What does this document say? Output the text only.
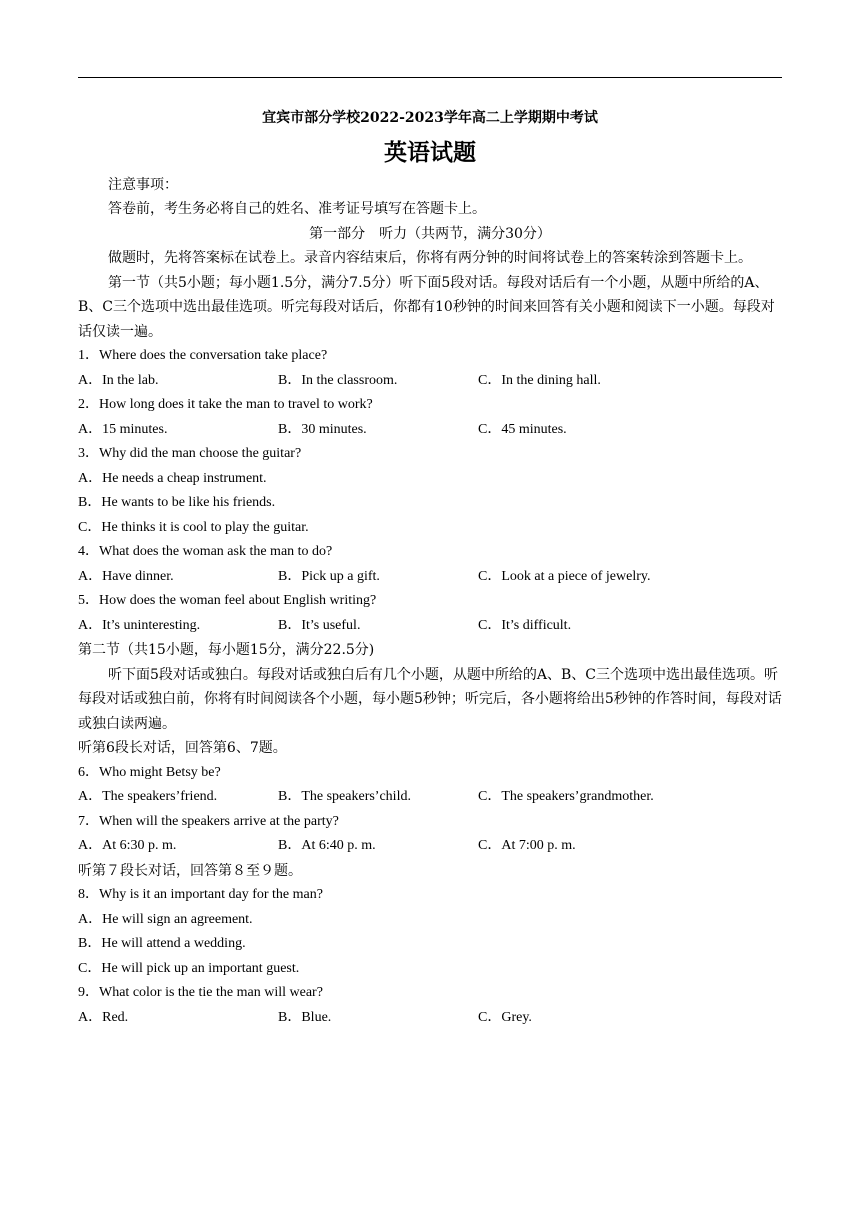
宜宾市部分学校2022-2023学年高二上学期期中考试

英语试题

注意事项：

答卷前，考生务必将自己的姓名、准考证号填写在答题卡上。

第一部分　听力（共两节，满分30分）

做题时，先将答案标在试卷上。录音内容结束后，你将有两分钟的时间将试卷上的答案转涂到答题卡上。

第一节（共5小题；每小题1.5分，满分7.5分）听下面5段对话。每段对话后有一个小题，从题中所给的A、B、C三个选项中选出最佳选项。听完每段对话后，你都有10秒钟的时间来回答有关小题和阅读下一小题。每段对话仅读一遍。

1．Where does the conversation take place?

A．In the lab.	B．In the classroom.	C．In the dining hall.

2．How long does it take the man to travel to work?

A．15 minutes.	B．30 minutes.	C．45 minutes.

3．Why did the man choose the guitar?

A．He needs a cheap instrument.

B．He wants to be like his friends.

C．He thinks it is cool to play the guitar.

4．What does the woman ask the man to do?

A．Have dinner.	B．Pick up a gift.	C．Look at a piece of jewelry.

5．How does the woman feel about English writing?

A．It’s uninteresting.	B．It’s useful.	C．It’s difficult.

第二节（共15小题，每小题15分，满分22.5分)

听下面5段对话或独白。每段对话或独白后有几个小题，从题中所给的A、B、C三个选项中选出最佳选项。听每段对话或独白前，你将有时间阅读各个小题，每小题5秒钟；听完后，各小题将给出5秒钟的作答时间，每段对话或独白读两遍。

听第6段长对话，回答第6、7题。

6．Who might Betsy be?

A．The speakers’friend.	B．The speakers’child.	C．The speakers’grandmother.

7．When will the speakers arrive at the party?

A．At 6:30 p. m.	B．At 6:40 p. m.	C．At 7:00 p. m.

听第７段长对话，回答第８至９题。

8．Why is it an important day for the man?

A．He will sign an agreement.

B．He will attend a wedding.

C．He will pick up an important guest.

9．What color is the tie the man will wear?

A．Red.	B．Blue.	C．Grey.
